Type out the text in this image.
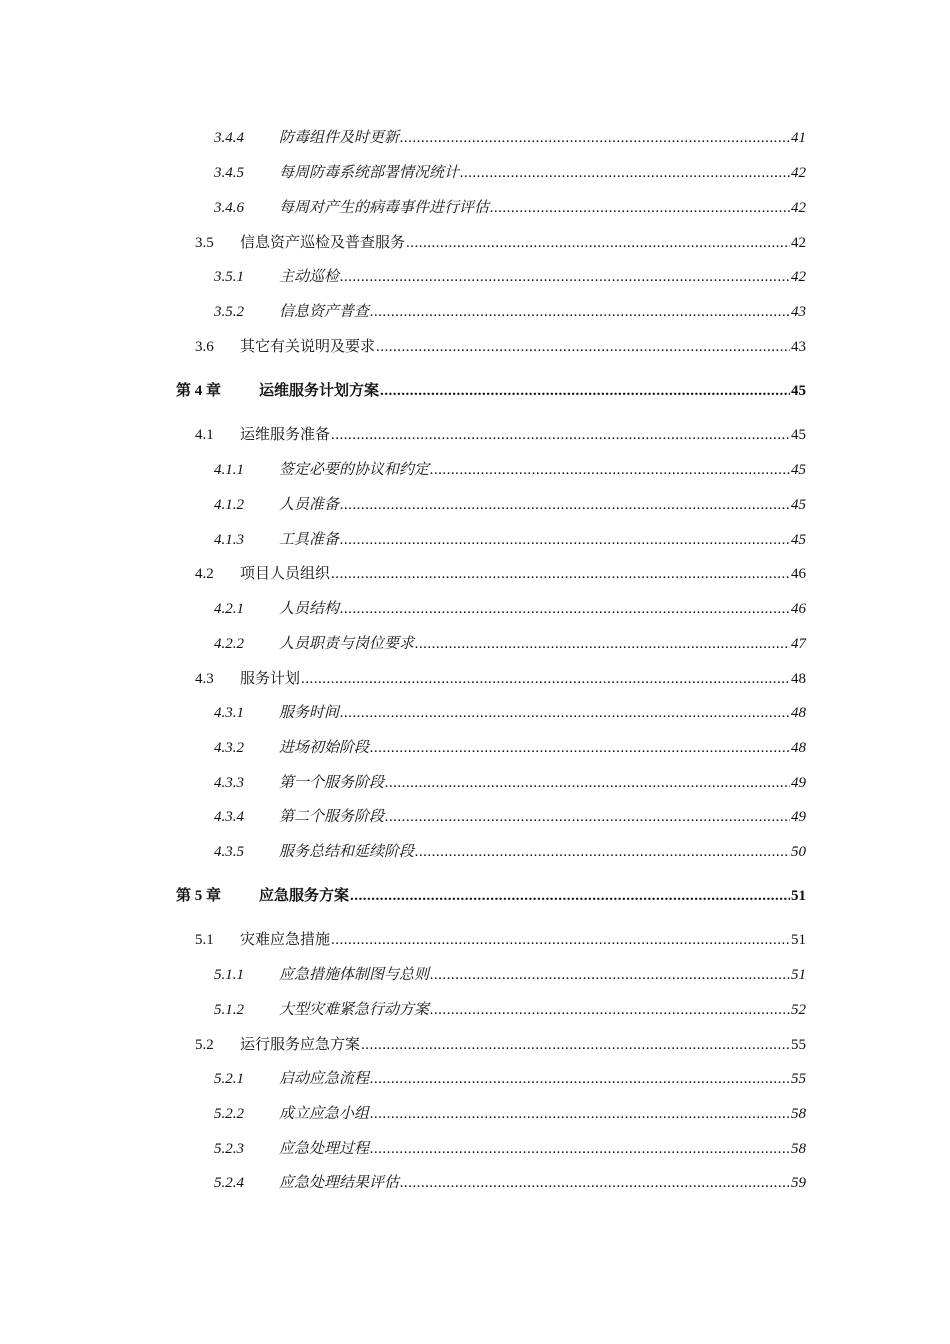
3.4.4	防毒组件及时更新 .....	41
3.4.5	每周防毒系统部署情况统计 .....	42
3.4.6	每周对产生的病毒事件进行评估 .....	42
3.5	信息资产巡检及普查服务 .....	42
3.5.1	主动巡检 .....	42
3.5.2	信息资产普查 .....	43
3.6	其它有关说明及要求 .....	43
第 4 章	运维服务计划方案 .....	45
4.1	运维服务准备 .....	45
4.1.1	签定必要的协议和约定 .....	45
4.1.2	人员准备 .....	45
4.1.3	工具准备 .....	45
4.2	项目人员组织 .....	46
4.2.1	人员结构 .....	46
4.2.2	人员职责与岗位要求 .....	47
4.3	服务计划 .....	48
4.3.1	服务时间 .....	48
4.3.2	进场初始阶段 .....	48
4.3.3	第一个服务阶段 .....	49
4.3.4	第二个服务阶段 .....	49
4.3.5	服务总结和延续阶段 .....	50
第 5 章	应急服务方案 .....	51
5.1	灾难应急措施 .....	51
5.1.1	应急措施体制图与总则 .....	51
5.1.2	大型灾难紧急行动方案 .....	52
5.2	运行服务应急方案 .....	55
5.2.1	启动应急流程 .....	55
5.2.2	成立应急小组 .....	58
5.2.3	应急处理过程 .....	58
5.2.4	应急处理结果评估 .....	59
